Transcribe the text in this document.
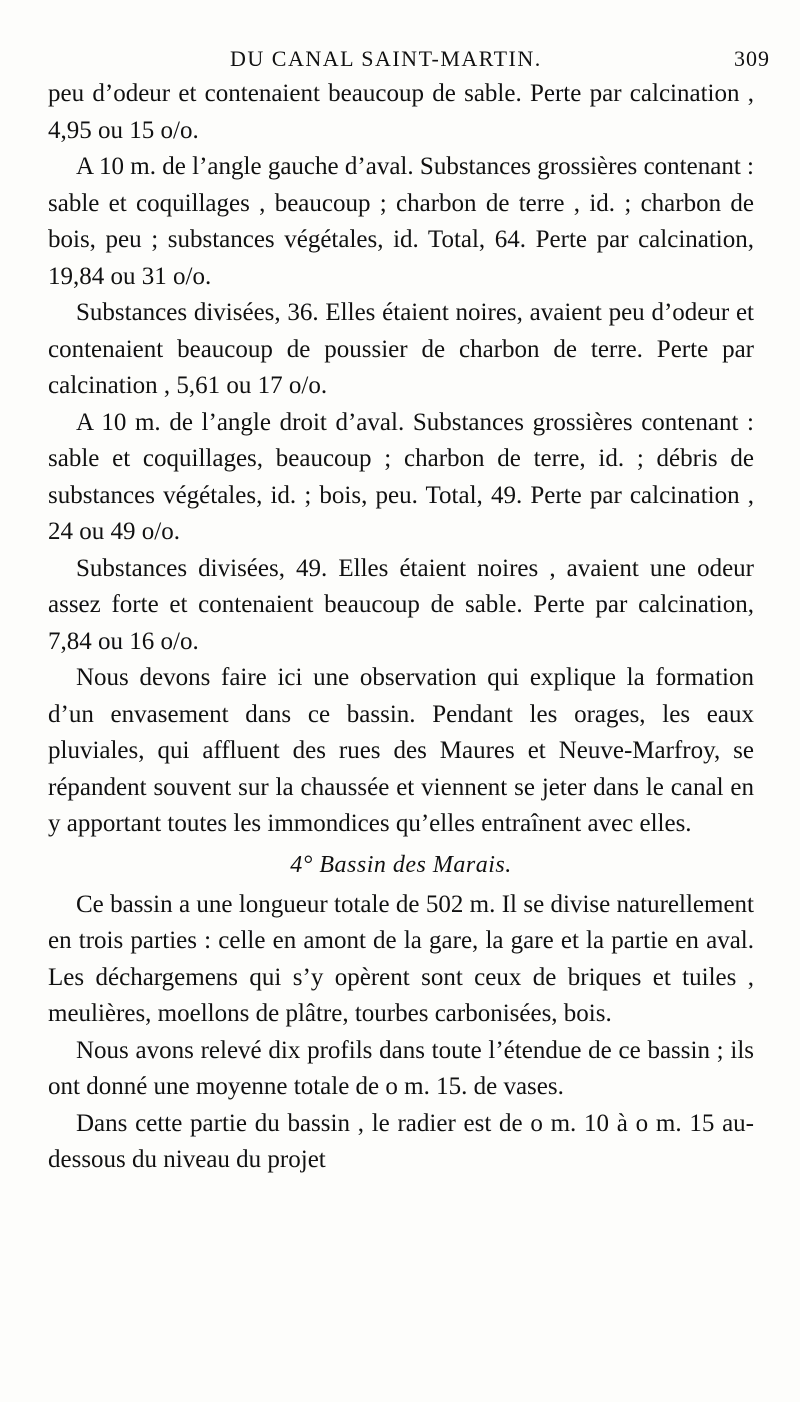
DU CANAL SAINT-MARTIN.	309

peu d’odeur et contenaient beaucoup de sable. Perte par calcination , 4,95 ou 15 o/o.

A 10 m. de l’angle gauche d’aval. Substances grossières contenant : sable et coquillages , beaucoup ; charbon de terre , id. ; charbon de bois, peu ; substances végétales, id. Total, 64. Perte par calcination, 19,84 ou 31 o/o.

Substances divisées, 36. Elles étaient noires, avaient peu d’odeur et contenaient beaucoup de poussier de charbon de terre. Perte par calcination , 5,61 ou 17 o/o.

A 10 m. de l’angle droit d’aval. Substances grossières contenant : sable et coquillages, beaucoup ; charbon de terre, id. ; débris de substances végétales, id. ; bois, peu. Total, 49. Perte par calcination , 24 ou 49 o/o.

Substances divisées, 49. Elles étaient noires , avaient une odeur assez forte et contenaient beaucoup de sable. Perte par calcination, 7,84 ou 16 o/o.

Nous devons faire ici une observation qui explique la formation d’un envasement dans ce bassin. Pendant les orages, les eaux pluviales, qui affluent des rues des Maures et Neuve-Marfroy, se répandent souvent sur la chaussée et viennent se jeter dans le canal en y apportant toutes les immondices qu’elles entraînent avec elles.

4° Bassin des Marais.

Ce bassin a une longueur totale de 502 m. Il se divise naturellement en trois parties : celle en amont de la gare, la gare et la partie en aval. Les déchargemens qui s’y opèrent sont ceux de briques et tuiles , meulières, moellons de plâtre, tourbes carbonisées, bois.

Nous avons relevé dix profils dans toute l’étendue de ce bassin ; ils ont donné une moyenne totale de o m. 15. de vases.

Dans cette partie du bassin , le radier est de o m. 10 à o m. 15 au-dessous du niveau du projet
